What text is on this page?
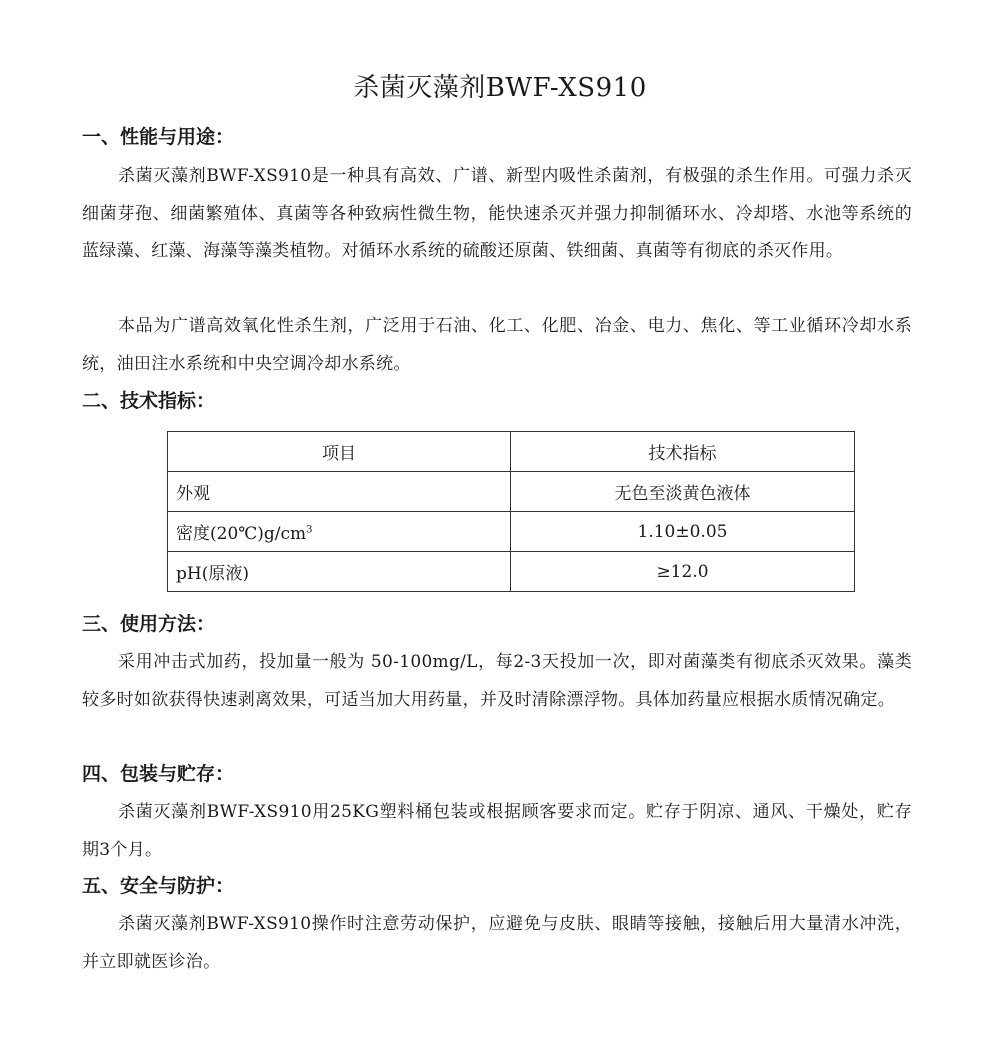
杀菌灭藻剂BWF-XS910
一、性能与用途：
杀菌灭藻剂BWF-XS910是一种具有高效、广谱、新型内吸性杀菌剂，有极强的杀生作用。可强力杀灭细菌芽孢、细菌繁殖体、真菌等各种致病性微生物，能快速杀灭并强力抑制循环水、冷却塔、水池等系统的蓝绿藻、红藻、海藻等藻类植物。对循环水系统的硫酸还原菌、铁细菌、真菌等有彻底的杀灭作用。
本品为广谱高效氧化性杀生剂，广泛用于石油、化工、化肥、冶金、电力、焦化、等工业循环冷却水系统，油田注水系统和中央空调冷却水系统。
二、技术指标：
项目	技术指标
外观	无色至淡黄色液体
密度$(20℃)g/cm^3$	1.10±0.05
pH(原液)	≥12.0
三、使用方法：
采用冲击式加药，投加量一般为 50-100mg/L，每2-3天投加一次，即对菌藻类有彻底杀灭效果。藻类较多时如欲获得快速剥离效果，可适当加大用药量，并及时清除漂浮物。具体加药量应根据水质情况确定。
四、包装与贮存：
杀菌灭藻剂BWF-XS910用25KG塑料桶包装或根据顾客要求而定。贮存于阴凉、通风、干燥处，贮存期3个月。
五、安全与防护：
杀菌灭藻剂BWF-XS910操作时注意劳动保护，应避免与皮肤、眼睛等接触，接触后用大量清水冲洗，并立即就医诊治。
